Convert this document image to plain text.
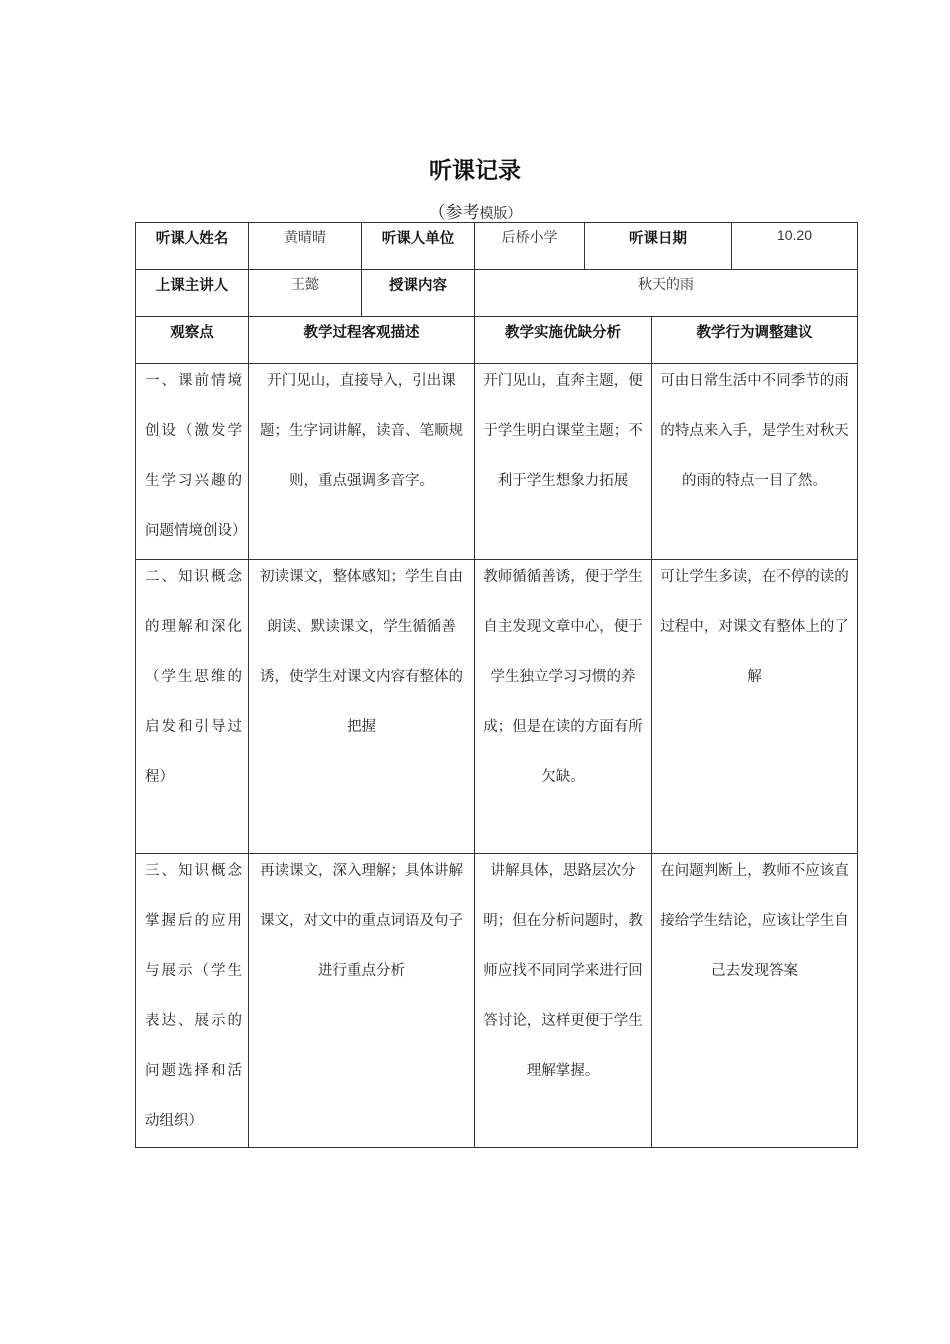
听课记录
（参考模版）
听课人姓名	黄晴晴	听课人单位	后桥小学	听课日期		10.20
上课主讲人	王懿	授课内容	秋天的雨			
观察点	教学过程客观描述		教学实施优缺分析		教学行为调整建议	

一、课前情境创设（激发学生学习兴趣的问题情境创设）	开门见山，直接导入，引出课题；生字词讲解，读音、笔顺规则，重点强调多音字。		开门见山，直奔主题，便于学生明白课堂主题；不利于学生想象力拓展		可由日常生活中不同季节的雨的特点来入手，是学生对秋天的雨的特点一目了然。	

二、知识概念的理解和深化（学生思维的启发和引导过程）	初读课文，整体感知；学生自由朗读、默读课文，学生循循善诱，使学生对课文内容有整体的把握		教师循循善诱，便于学生自主发现文章中心，便于学生独立学习习惯的养成；但是在读的方面有所欠缺。		可让学生多读，在不停的读的过程中，对课文有整体上的了解	

三、知识概念掌握后的应用与展示（学生表达、展示的问题选择和活动组织）	再读课文，深入理解；具体讲解课文，对文中的重点词语及句子进行重点分析		讲解具体，思路层次分明；但在分析问题时，教师应找不同同学来进行回答讨论，这样更便于学生理解掌握。		在问题判断上，教师不应该直接给学生结论，应该让学生自己去发现答案	
